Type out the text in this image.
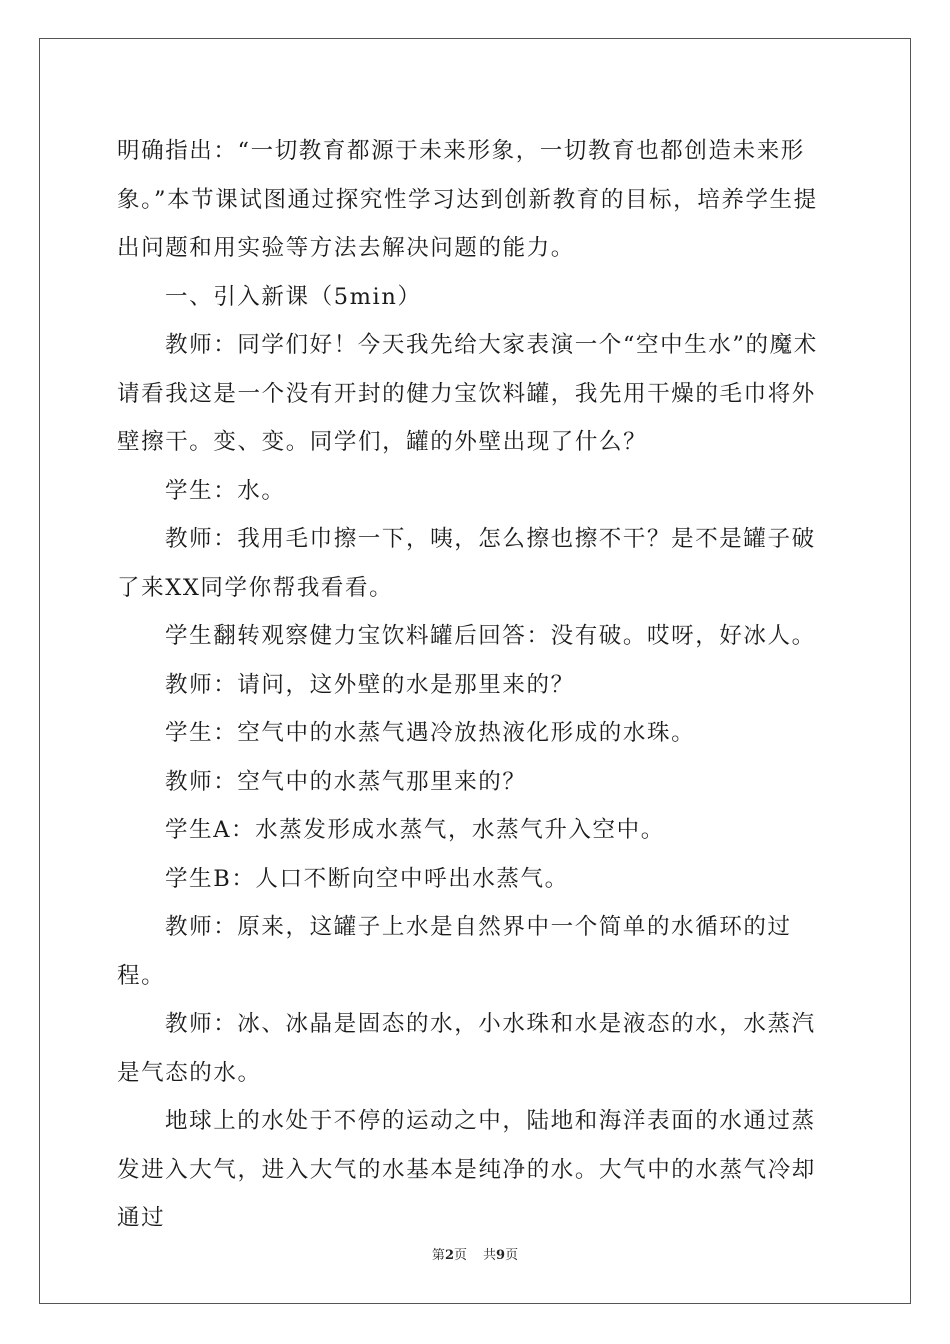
明确指出：“一切教育都源于未来形象，一切教育也都创造未来形象。”本节课试图通过探究性学习达到创新教育的目标，培养学生提出问题和用实验等方法去解决问题的能力。

一、引入新课（5min）

教师：同学们好！今天我先给大家表演一个“空中生水”的魔术请看我这是一个没有开封的健力宝饮料罐，我先用干燥的毛巾将外壁擦干。变、变。同学们，罐的外壁出现了什么？

学生：水。

教师：我用毛巾擦一下，咦，怎么擦也擦不干？是不是罐子破了来XX同学你帮我看看。

学生翻转观察健力宝饮料罐后回答：没有破。哎呀，好冰人。

教师：请问，这外壁的水是那里来的？

学生：空气中的水蒸气遇冷放热液化形成的水珠。

教师：空气中的水蒸气那里来的？

学生A：水蒸发形成水蒸气，水蒸气升入空中。

学生B：人口不断向空中呼出水蒸气。

教师：原来，这罐子上水是自然界中一个简单的水循环的过程。

教师：冰、冰晶是固态的水，小水珠和水是液态的水，水蒸汽是气态的水。

地球上的水处于不停的运动之中，陆地和海洋表面的水通过蒸发进入大气，进入大气的水基本是纯净的水。大气中的水蒸气冷却通过

第2页 共9页
